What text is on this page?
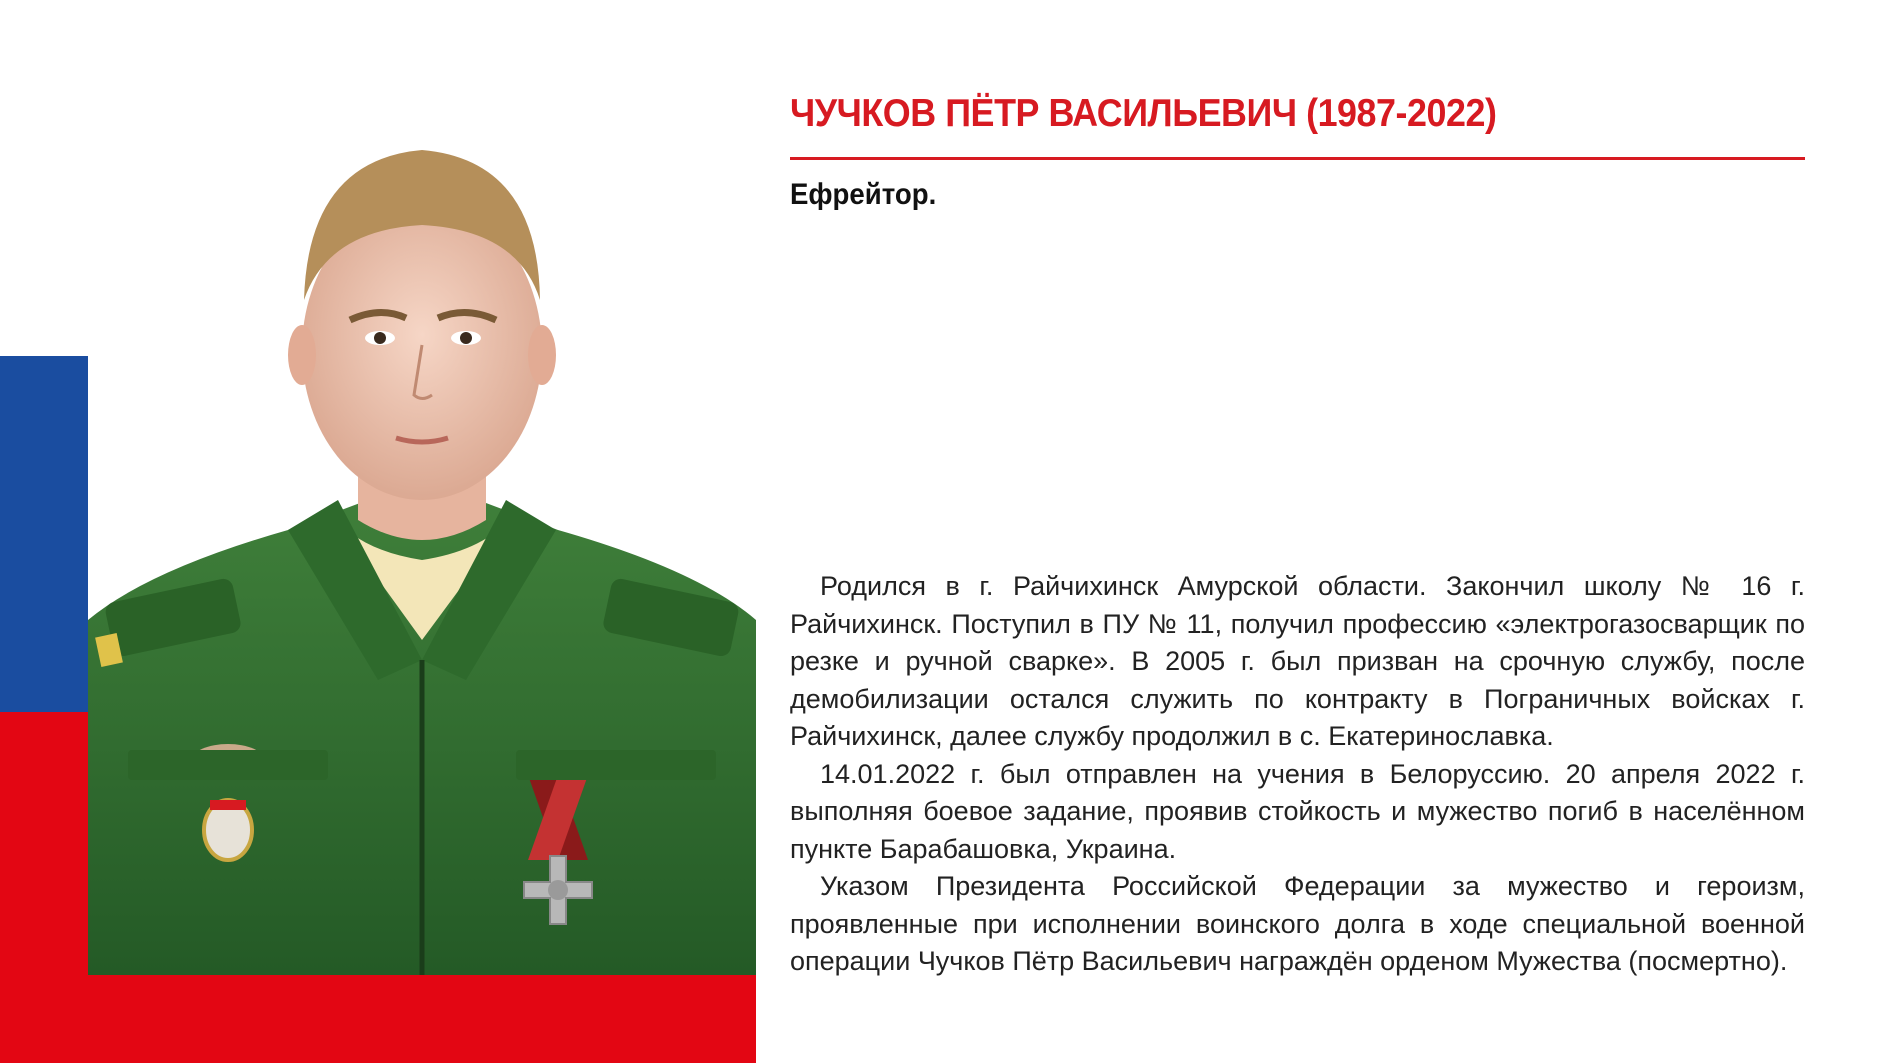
ЧУЧКОВ ПЁТР ВАСИЛЬЕВИЧ (1987-2022)
Ефрейтор.

Родился в г. Райчихинск Амурской области. Закончил школу № 16 г. Райчихинск. Поступил в ПУ № 11, получил профессию «электрогазосварщик по резке и ручной сварке». В 2005 г. был призван на срочную службу, после демобилизации остался служить по контракту в Пограничных войсках г. Райчихинск, далее службу продолжил в с. Екатеринославка.

14.01.2022 г. был отправлен на учения в Белоруссию. 20 апреля 2022 г. выполняя боевое задание, проявив стойкость и мужество погиб в населённом пункте Барабашовка, Украина.

Указом Президента Российской Федерации за мужество и героизм, проявленные при исполнении воинского долга в ходе специальной военной операции Чучков Пётр Васильевич награждён орденом Мужества (посмертно).
